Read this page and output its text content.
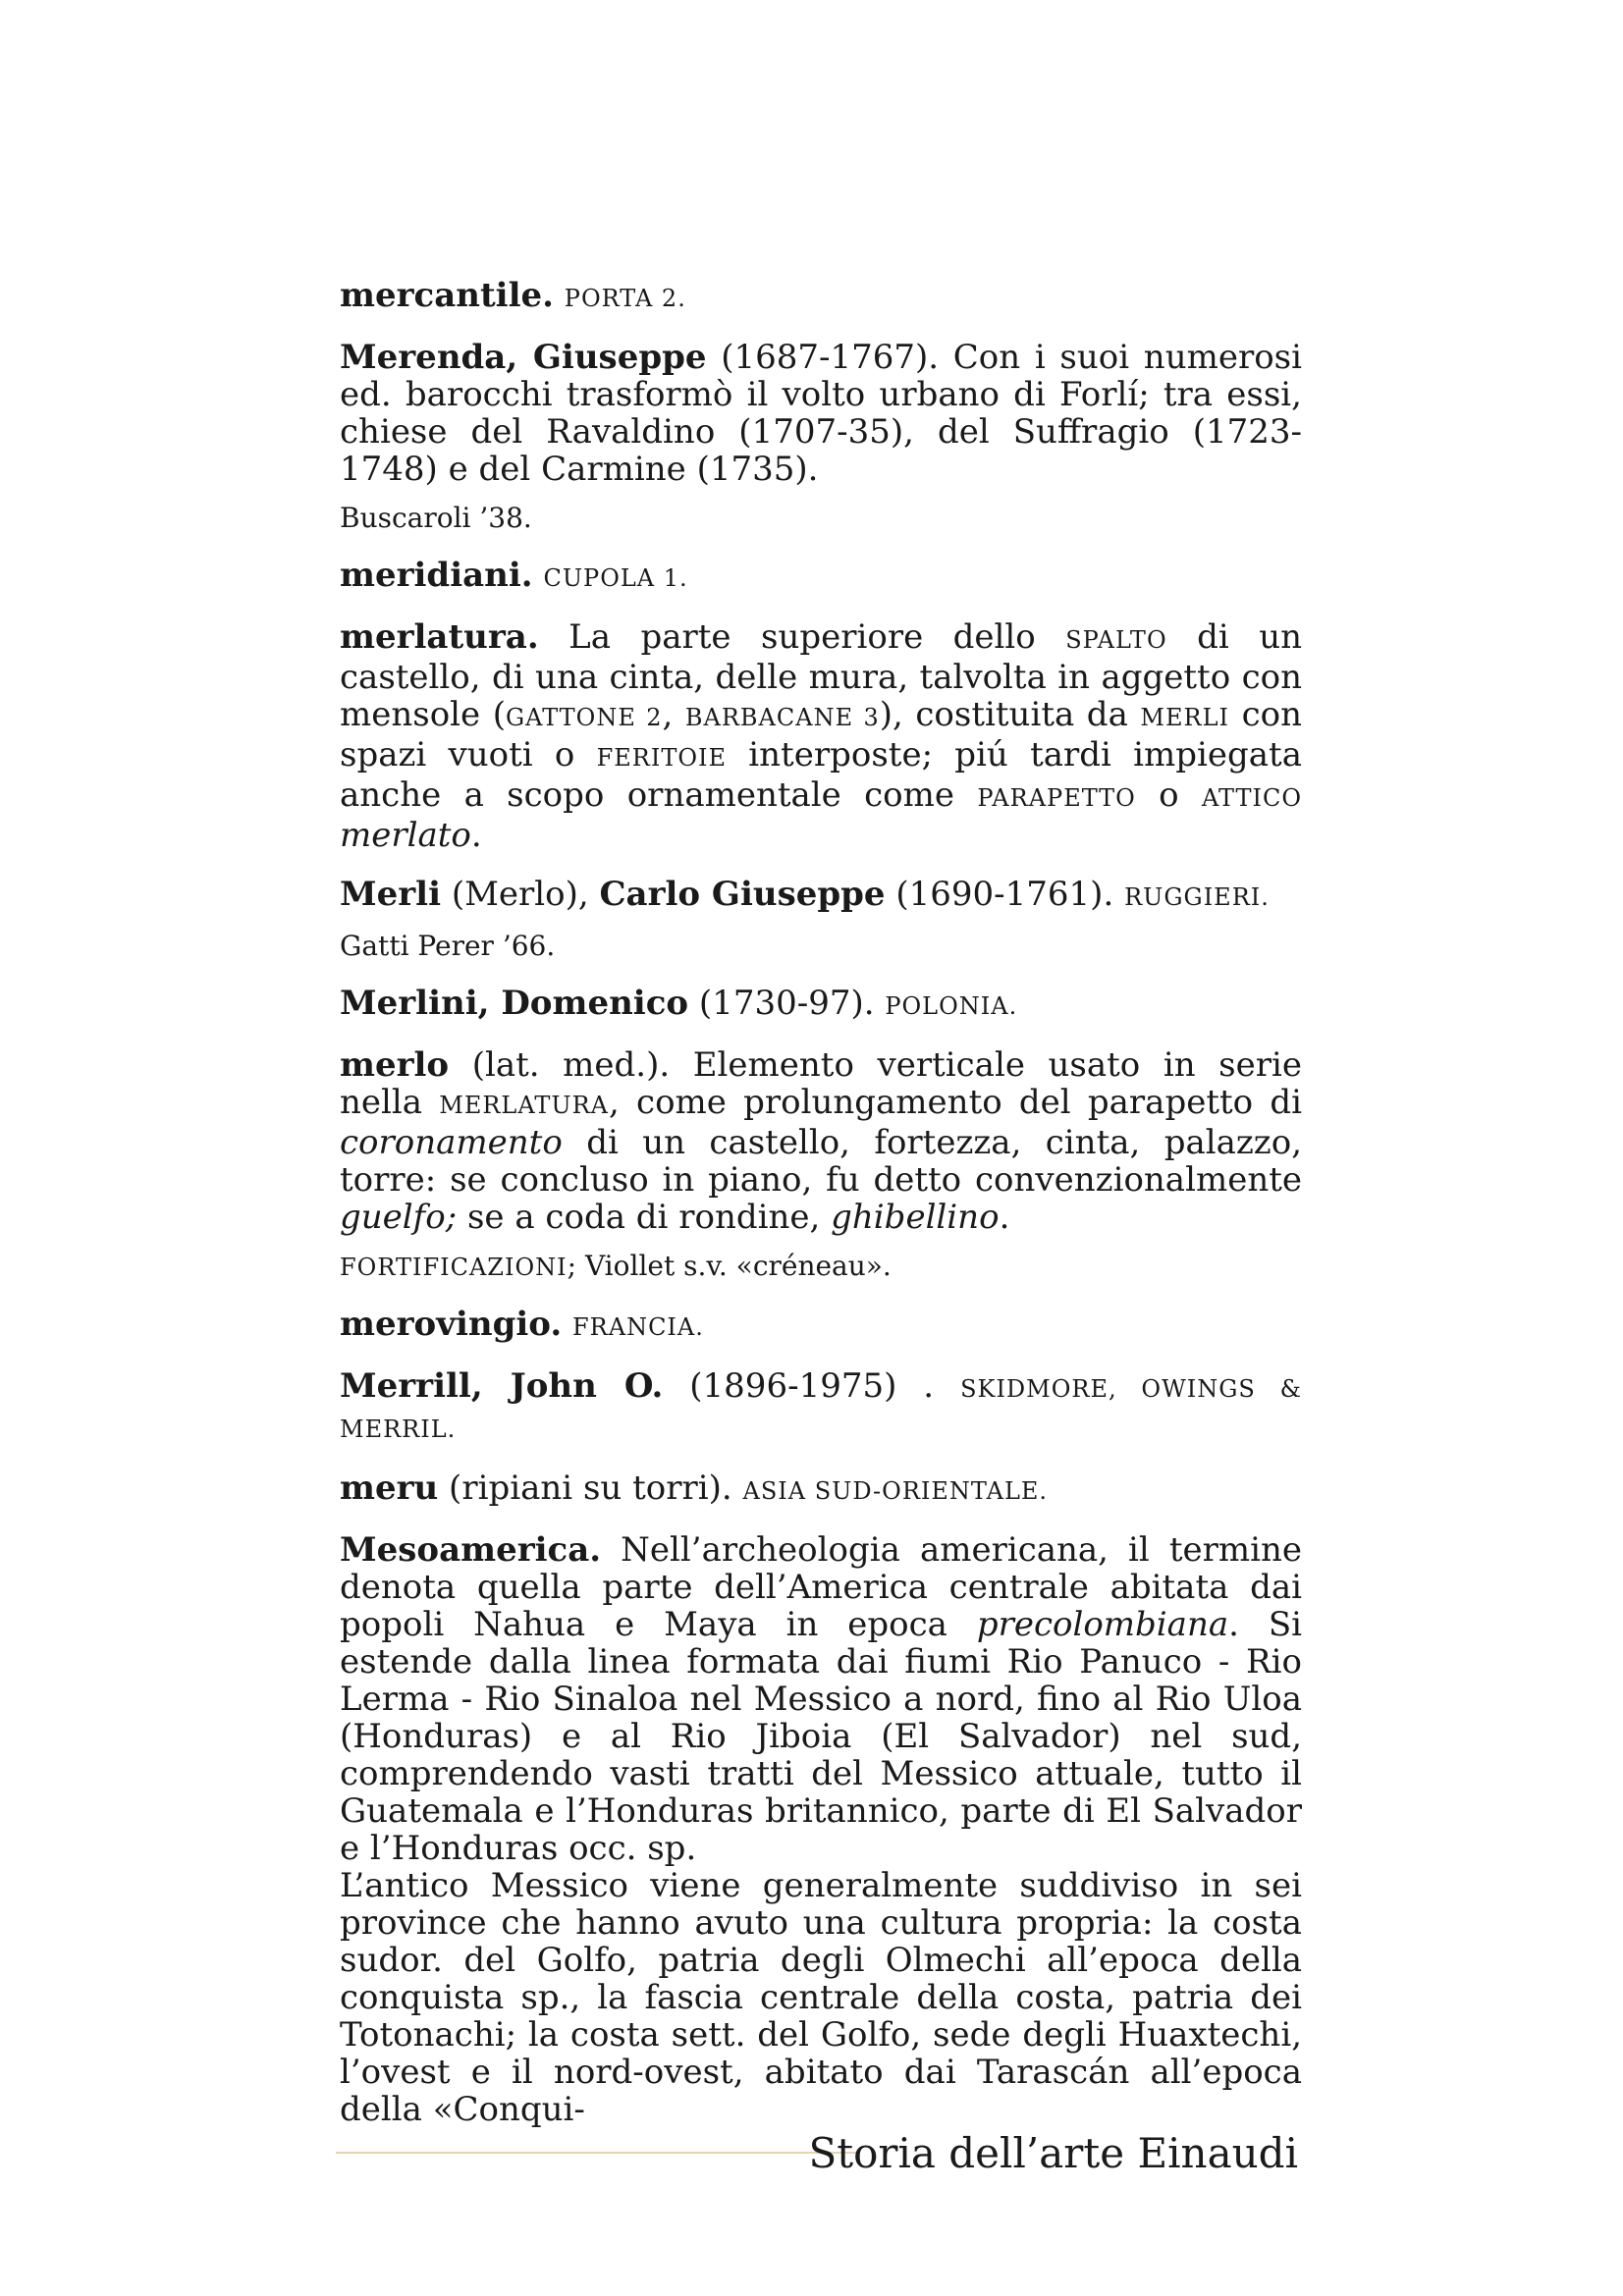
mercantile. PORTA 2.

Merenda, Giuseppe (1687-1767). Con i suoi numerosi ed. barocchi trasformò il volto urbano di Forlí; tra essi, chiese del Ravaldino (1707-35), del Suffragio (1723-1748) e del Carmine (1735).

Buscaroli ’38.

meridiani. CUPOLA 1.

merlatura. La parte superiore dello SPALTO di un castello, di una cinta, delle mura, talvolta in aggetto con mensole (GATTONE 2, BARBACANE 3), costituita da MERLI con spazi vuoti o FERITOIE interposte; piú tardi impiegata anche a scopo ornamentale come PARAPETTO o ATTICO merlato.

Merli (Merlo), Carlo Giuseppe (1690-1761). RUGGIERI.

Gatti Perer ’66.

Merlini, Domenico (1730-97). POLONIA.

merlo (lat. med.). Elemento verticale usato in serie nella MERLATURA, come prolungamento del parapetto di coronamento di un castello, fortezza, cinta, palazzo, torre: se concluso in piano, fu detto convenzionalmente guelfo; se a coda di rondine, ghibellino.

FORTIFICAZIONI; Viollet s.v. «créneau».

merovingio. FRANCIA.

Merrill, John O. (1896-1975) . SKIDMORE, OWINGS & MERRIL.

meru (ripiani su torri). ASIA SUD-ORIENTALE.

Mesoamerica. Nell’archeologia americana, il termine denota quella parte dell’America centrale abitata dai popoli Nahua e Maya in epoca precolombiana. Si estende dalla linea formata dai fiumi Rio Panuco - Rio Lerma - Rio Sinaloa nel Messico a nord, fino al Rio Uloa (Honduras) e al Rio Jiboia (El Salvador) nel sud, comprendendo vasti tratti del Messico attuale, tutto il Guatemala e l’Honduras britannico, parte di El Salvador e l’Honduras occ. sp.

L’antico Messico viene generalmente suddiviso in sei province che hanno avuto una cultura propria: la costa sudor. del Golfo, patria degli Olmechi all’epoca della conquista sp., la fascia centrale della costa, patria dei Totonachi; la costa sett. del Golfo, sede degli Huaxtechi, l’ovest e il nord-ovest, abitato dai Tarascán all’epoca della «Conqui-

Storia dell’arte Einaudi
